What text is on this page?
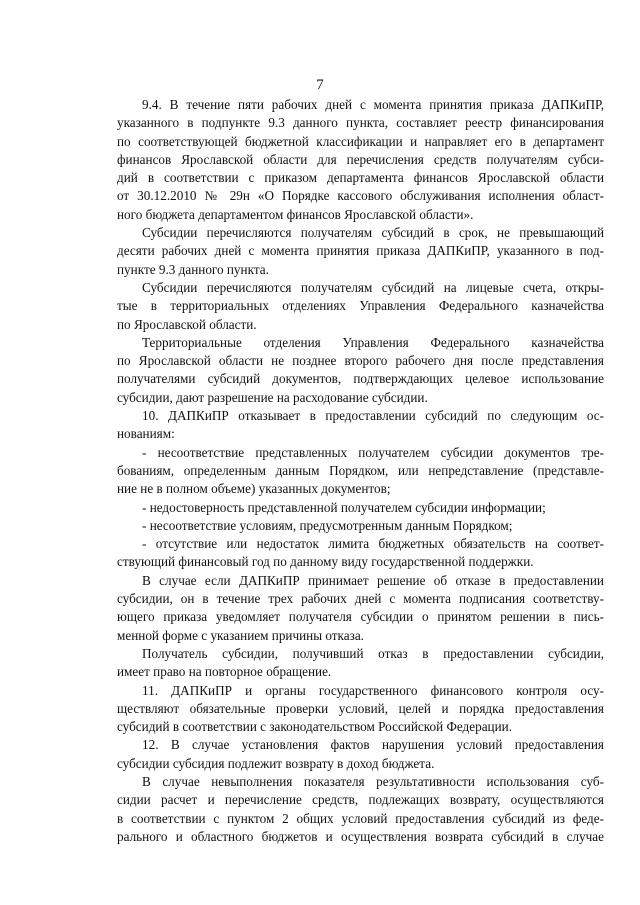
7
9.4. В течение пяти рабочих дней с момента принятия приказа ДАПКиПР,
указанного в подпункте 9.3 данного пункта, составляет реестр финансирования
по соответствующей бюджетной классификации и направляет его в департамент
финансов Ярославской области для перечисления средств получателям субси-
дий в соответствии с приказом департамента финансов Ярославской области
от 30.12.2010 № 29н «О Порядке кассового обслуживания исполнения област-
ного бюджета департаментом финансов Ярославской области».
Субсидии перечисляются получателям субсидий в срок, не превышающий
десяти рабочих дней с момента принятия приказа ДАПКиПР, указанного в под-
пункте 9.3 данного пункта.
Субсидии перечисляются получателям субсидий на лицевые счета, откры-
тые в территориальных отделениях Управления Федерального казначейства
по Ярославской области.
Территориальные отделения Управления Федерального казначейства
по Ярославской области не позднее второго рабочего дня после представления
получателями субсидий документов, подтверждающих целевое использование
субсидии, дают разрешение на расходование субсидии.
10. ДАПКиПР отказывает в предоставлении субсидий по следующим ос-
нованиям:
- несоответствие представленных получателем субсидии документов тре-
бованиям, определенным данным Порядком, или непредставление (представле-
ние не в полном объеме) указанных документов;
- недостоверность представленной получателем субсидии информации;
- несоответствие условиям, предусмотренным данным Порядком;
- отсутствие или недостаток лимита бюджетных обязательств на соответ-
ствующий финансовый год по данному виду государственной поддержки.
В случае если ДАПКиПР принимает решение об отказе в предоставлении
субсидии, он в течение трех рабочих дней с момента подписания соответству-
ющего приказа уведомляет получателя субсидии о принятом решении в пись-
менной форме с указанием причины отказа.
Получатель субсидии, получивший отказ в предоставлении субсидии,
имеет право на повторное обращение.
11. ДАПКиПР и органы государственного финансового контроля осу-
ществляют обязательные проверки условий, целей и порядка предоставления
субсидий в соответствии с законодательством Российской Федерации.
12. В случае установления фактов нарушения условий предоставления
субсидии субсидия подлежит возврату в доход бюджета.
В случае невыполнения показателя результативности использования суб-
сидии расчет и перечисление средств, подлежащих возврату, осуществляются
в соответствии с пунктом 2 общих условий предоставления субсидий из феде-
рального и областного бюджетов и осуществления возврата субсидий в случае
